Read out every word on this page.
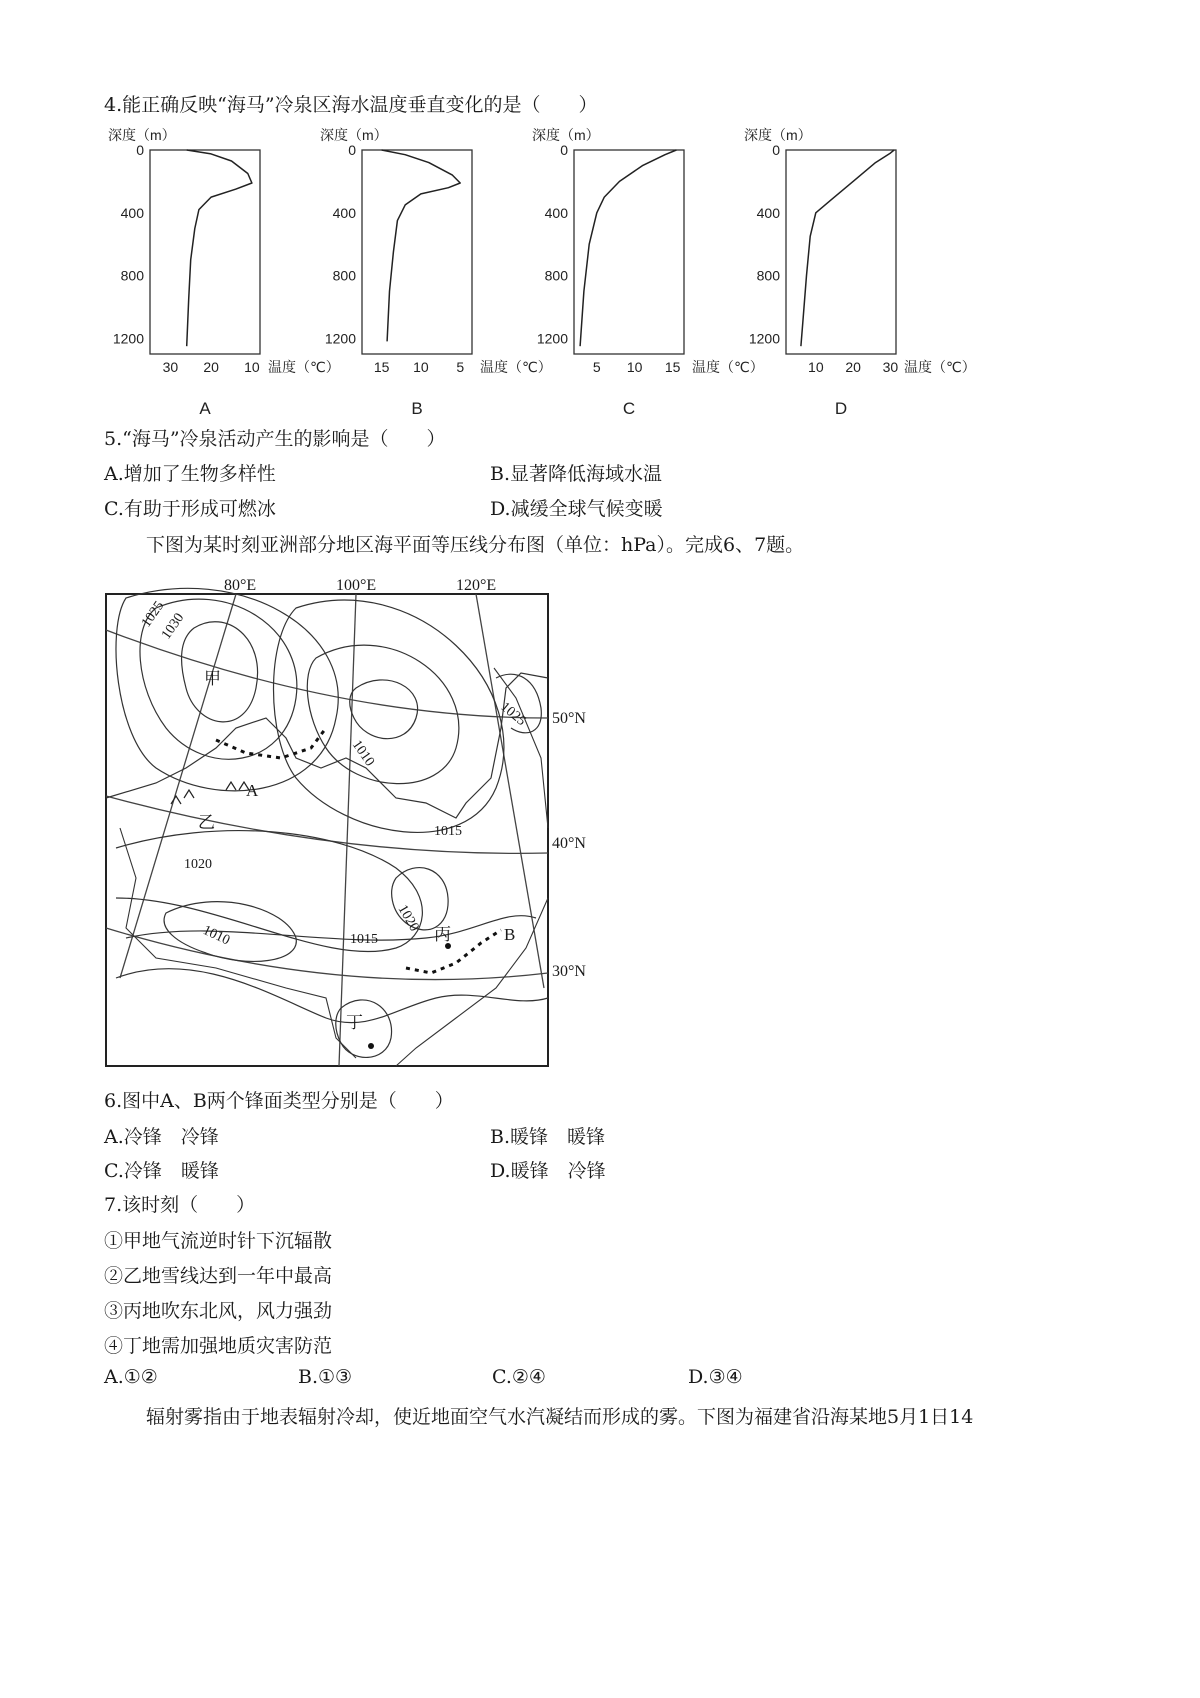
4.能正确反映“海马”冷泉区海水温度垂直变化的是（　　）
深度（m）
0
400
800
1200
30 20 10 温度（℃）
A
深度（m）
0
400
800
1200
15 10 5 温度（℃）
B
深度（m）
0
400
800
1200
5 10 15 温度（℃）
C
深度（m）
0
400
800
1200
10 20 30 温度（℃）
D
5.“海马”冷泉活动产生的影响是（　　）
A.增加了生物多样性	B.显著降低海域水温
C.有助于形成可燃冰	D.减缓全球气候变暖
下图为某时刻亚洲部分地区海平面等压线分布图（单位：hPa）。完成6、7题。
80°E	100°E	120°E
50°N
40°N
30°N
1025
1030
1010
1015
1020
1010	1015
1020
1025
甲
乙
丙
丁
A
B
6.图中A、B两个锋面类型分别是（　　）
A.冷锋　冷锋	B.暖锋　暖锋
C.冷锋　暖锋	D.暖锋　冷锋
7.该时刻（　　）
①甲地气流逆时针下沉辐散
②乙地雪线达到一年中最高
③丙地吹东北风，风力强劲
④丁地需加强地质灾害防范
A.①②	B.①③	C.②④	D.③④
辐射雾指由于地表辐射冷却，使近地面空气水汽凝结而形成的雾。下图为福建省沿海某地5月1日14
